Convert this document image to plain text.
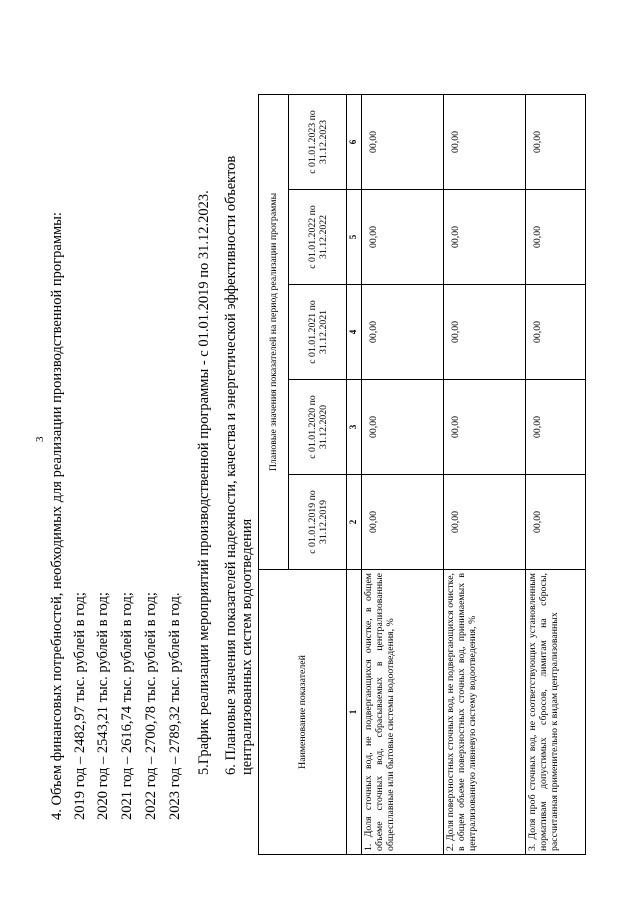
3 4. Объем финансовых потребностей, необходимых для реализации производственной программы: 2019 год – 2482,97 тыс. рублей в год; 2020 год – 2543,21 тыс. рублей в год; 2021 год – 2616,74 тыс. рублей в год; 2022 год – 2700,78 тыс. рублей в год; 2023 год – 2789,32 тыс. рублей в год. 5.График реализации мероприятий производственной программы - с 01.01.2019 по 31.12.2023. 6. Плановые значения показателей надежности, качества и энергетической эффективности объектов централизованных систем водоотведения	Наименование показателей	Плановые значения показателей на период реализации программы				
	с 01.01.2019 по 31.12.2019	с 01.01.2020 по 31.12.2020	с 01.01.2021 по 31.12.2021	с 01.01.2022 по 31.12.2022	с 01.01.2023 по 31.12.2023
1	2	3	4	5	6
1. Доля сточных вод, не подвергающихся очистке, в общем объеме сточных вод, сбрасываемых в централизованные общесплавные или бытовые системы водоотведения, %	00,00	00,00	00,00	00,00	00,00
2. Доля поверхностных сточных вод, не подвергающихся очистке, в общем объеме поверхностных сточных вод, принимаемых в централизованную ливневую систему водоотведения, %	00,00	00,00	00,00	00,00	00,00
3. Доля проб сточных вод, не соответствующих установленным нормативам допустимых сбросов, лимитам на сбросы, рассчитанная применительно к видам централизованных	00,00	00,00	00,00	00,00	00,00
